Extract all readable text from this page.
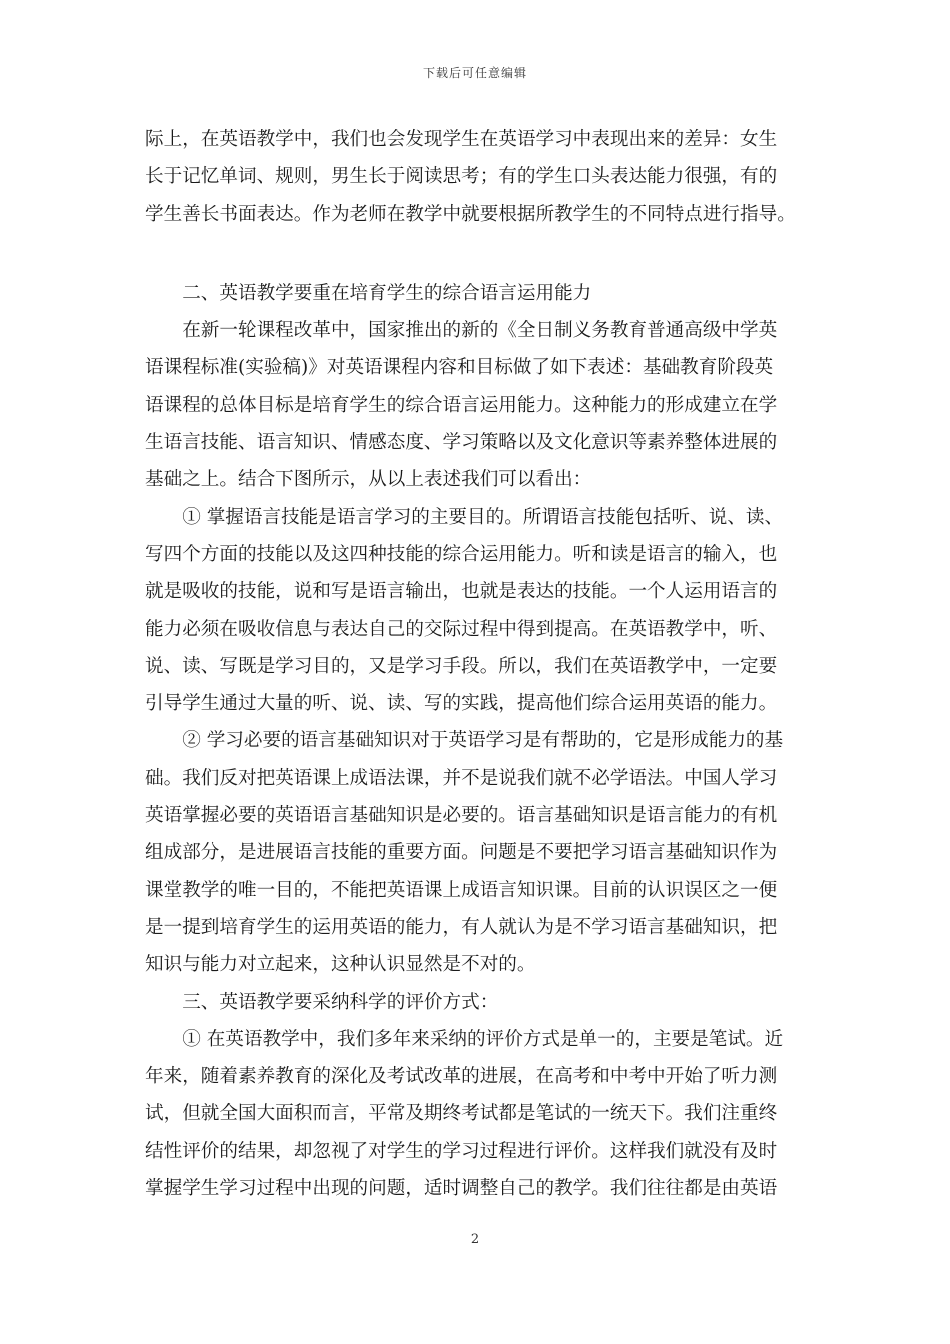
下载后可任意编辑
际上，在英语教学中，我们也会发现学生在英语学习中表现出来的差异：女生
长于记忆单词、规则，男生长于阅读思考；有的学生口头表达能力很强，有的
学生善长书面表达。作为老师在教学中就要根据所教学生的不同特点进行指导。
　　二、英语教学要重在培育学生的综合语言运用能力
　　在新一轮课程改革中，国家推出的新的《全日制义务教育普通高级中学英
语课程标准(实验稿)》对英语课程内容和目标做了如下表述：基础教育阶段英
语课程的总体目标是培育学生的综合语言运用能力。这种能力的形成建立在学
生语言技能、语言知识、情感态度、学习策略以及文化意识等素养整体进展的
基础之上。结合下图所示，从以上表述我们可以看出：
　　① 掌握语言技能是语言学习的主要目的。所谓语言技能包括听、说、读、
写四个方面的技能以及这四种技能的综合运用能力。听和读是语言的输入，也
就是吸收的技能，说和写是语言输出，也就是表达的技能。一个人运用语言的
能力必须在吸收信息与表达自己的交际过程中得到提高。在英语教学中，听、
说、读、写既是学习目的，又是学习手段。所以，我们在英语教学中，一定要
引导学生通过大量的听、说、读、写的实践，提高他们综合运用英语的能力。
　　② 学习必要的语言基础知识对于英语学习是有帮助的，它是形成能力的基
础。我们反对把英语课上成语法课，并不是说我们就不必学语法。中国人学习
英语掌握必要的英语语言基础知识是必要的。语言基础知识是语言能力的有机
组成部分，是进展语言技能的重要方面。问题是不要把学习语言基础知识作为
课堂教学的唯一目的，不能把英语课上成语言知识课。目前的认识误区之一便
是一提到培育学生的运用英语的能力，有人就认为是不学习语言基础知识，把
知识与能力对立起来，这种认识显然是不对的。
　　三、英语教学要采纳科学的评价方式：
　　① 在英语教学中，我们多年来采纳的评价方式是单一的，主要是笔试。近
年来，随着素养教育的深化及考试改革的进展，在高考和中考中开始了听力测
试，但就全国大面积而言，平常及期终考试都是笔试的一统天下。我们注重终
结性评价的结果，却忽视了对学生的学习过程进行评价。这样我们就没有及时
掌握学生学习过程中出现的问题，适时调整自己的教学。我们往往都是由英语
2
